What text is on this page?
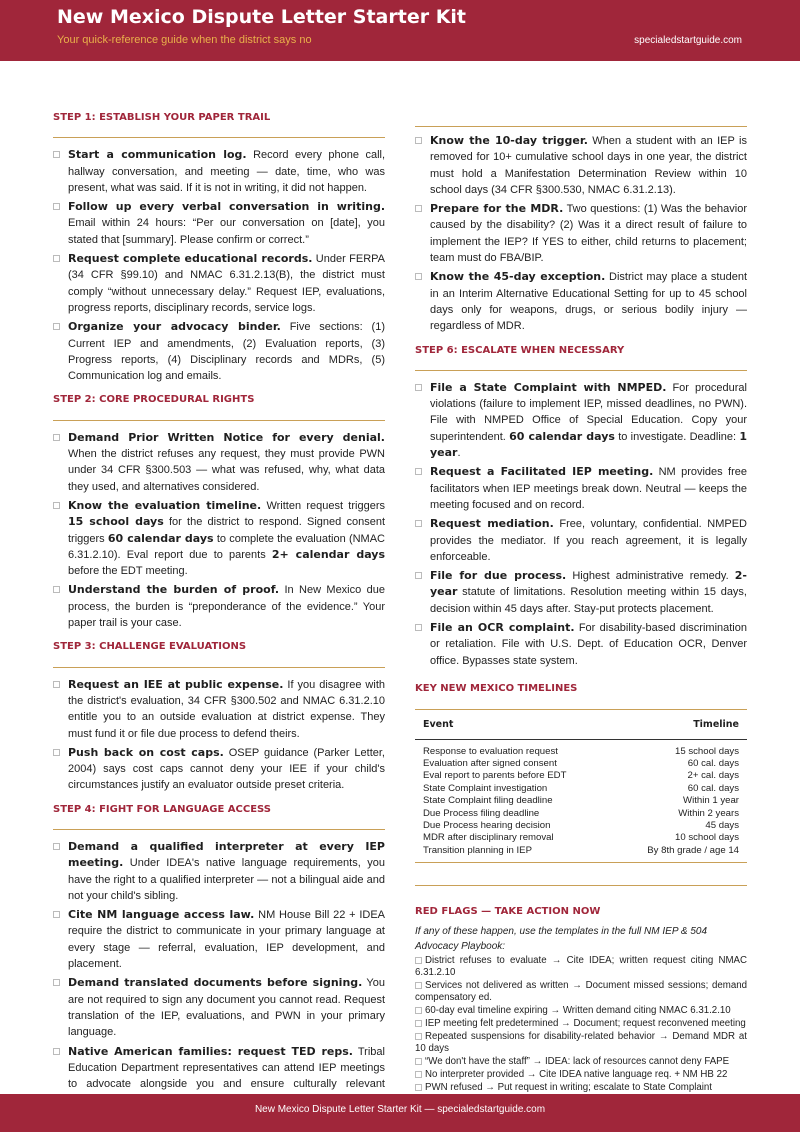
New Mexico Dispute Letter Starter Kit
Your quick-reference guide when the district says no	specialedstartguide.com
STEP 1: ESTABLISH YOUR PAPER TRAIL
Start a communication log. Record every phone call, hallway conversation, and meeting — date, time, who was present, what was said. If it is not in writing, it did not happen.
Follow up every verbal conversation in writing. Email within 24 hours: “Per our conversation on [date], you stated that [summary]. Please confirm or correct.”
Request complete educational records. Under FERPA (34 CFR §99.10) and NMAC 6.31.2.13(B), the district must comply “without unnecessary delay.” Request IEP, evaluations, progress reports, disciplinary records, service logs.
Organize your advocacy binder. Five sections: (1) Current IEP and amendments, (2) Evaluation reports, (3) Progress reports, (4) Disciplinary records and MDRs, (5) Communication log and emails.
STEP 2: CORE PROCEDURAL RIGHTS
Demand Prior Written Notice for every denial. When the district refuses any request, they must provide PWN under 34 CFR §300.503 — what was refused, why, what data they used, and alternatives considered.
Know the evaluation timeline. Written request triggers 15 school days for the district to respond. Signed consent triggers 60 calendar days to complete the evaluation (NMAC 6.31.2.10). Eval report due to parents 2+ calendar days before the EDT meeting.
Understand the burden of proof. In New Mexico due process, the burden is “preponderance of the evidence.” Your paper trail is your case.
STEP 3: CHALLENGE EVALUATIONS
Request an IEE at public expense. If you disagree with the district's evaluation, 34 CFR §300.502 and NMAC 6.31.2.10 entitle you to an outside evaluation at district expense. They must fund it or file due process to defend theirs.
Push back on cost caps. OSEP guidance (Parker Letter, 2004) says cost caps cannot deny your IEE if your child's circumstances justify an evaluator outside preset criteria.
STEP 4: FIGHT FOR LANGUAGE ACCESS
Demand a qualified interpreter at every IEP meeting. Under IDEA's native language requirements, you have the right to a qualified interpreter — not a bilingual aide and not your child's sibling.
Cite NM language access law. NM House Bill 22 + IDEA require the district to communicate in your primary language at every stage — referral, evaluation, IEP development, and placement.
Demand translated documents before signing. You are not required to sign any document you cannot read. Request translation of the IEP, evaluations, and PWN in your primary language.
Native American families: request TED reps. Tribal Education Department representatives can attend IEP meetings to advocate alongside you and ensure culturally relevant
Know the 10-day trigger. When a student with an IEP is removed for 10+ cumulative school days in one year, the district must hold a Manifestation Determination Review within 10 school days (34 CFR §300.530, NMAC 6.31.2.13).
Prepare for the MDR. Two questions: (1) Was the behavior caused by the disability? (2) Was it a direct result of failure to implement the IEP? If YES to either, child returns to placement; team must do FBA/BIP.
Know the 45-day exception. District may place a student in an Interim Alternative Educational Setting for up to 45 school days only for weapons, drugs, or serious bodily injury — regardless of MDR.
STEP 6: ESCALATE WHEN NECESSARY
File a State Complaint with NMPED. For procedural violations (failure to implement IEP, missed deadlines, no PWN). File with NMPED Office of Special Education. Copy your superintendent. 60 calendar days to investigate. Deadline: 1 year.
Request a Facilitated IEP meeting. NM provides free facilitators when IEP meetings break down. Neutral — keeps the meeting focused and on record.
Request mediation. Free, voluntary, confidential. NMPED provides the mediator. If you reach agreement, it is legally enforceable.
File for due process. Highest administrative remedy. 2-year statute of limitations. Resolution meeting within 15 days, decision within 45 days after. Stay-put protects placement.
File an OCR complaint. For disability-based discrimination or retaliation. File with U.S. Dept. of Education OCR, Denver office. Bypasses state system.
KEY NEW MEXICO TIMELINES
Event	Timeline
Response to evaluation request	15 school days
Evaluation after signed consent	60 cal. days
Eval report to parents before EDT	2+ cal. days
State Complaint investigation	60 cal. days
State Complaint filing deadline	Within 1 year
Due Process filing deadline	Within 2 years
Due Process hearing decision	45 days
MDR after disciplinary removal	10 school days
Transition planning in IEP	By 8th grade / age 14
RED FLAGS — TAKE ACTION NOW
If any of these happen, use the templates in the full NM IEP & 504 Advocacy Playbook:
District refuses to evaluate → Cite IDEA; written request citing NMAC 6.31.2.10
Services not delivered as written → Document missed sessions; demand compensatory ed.
60-day eval timeline expiring → Written demand citing NMAC 6.31.2.10
IEP meeting felt predetermined → Document; request reconvened meeting
Repeated suspensions for disability-related behavior → Demand MDR at 10 days
“We don't have the staff” → IDEA: lack of resources cannot deny FAPE
No interpreter provided → Cite IDEA native language req. + NM HB 22
PWN refused → Put request in writing; escalate to State Complaint
New Mexico Dispute Letter Starter Kit — specialedstartguide.com
